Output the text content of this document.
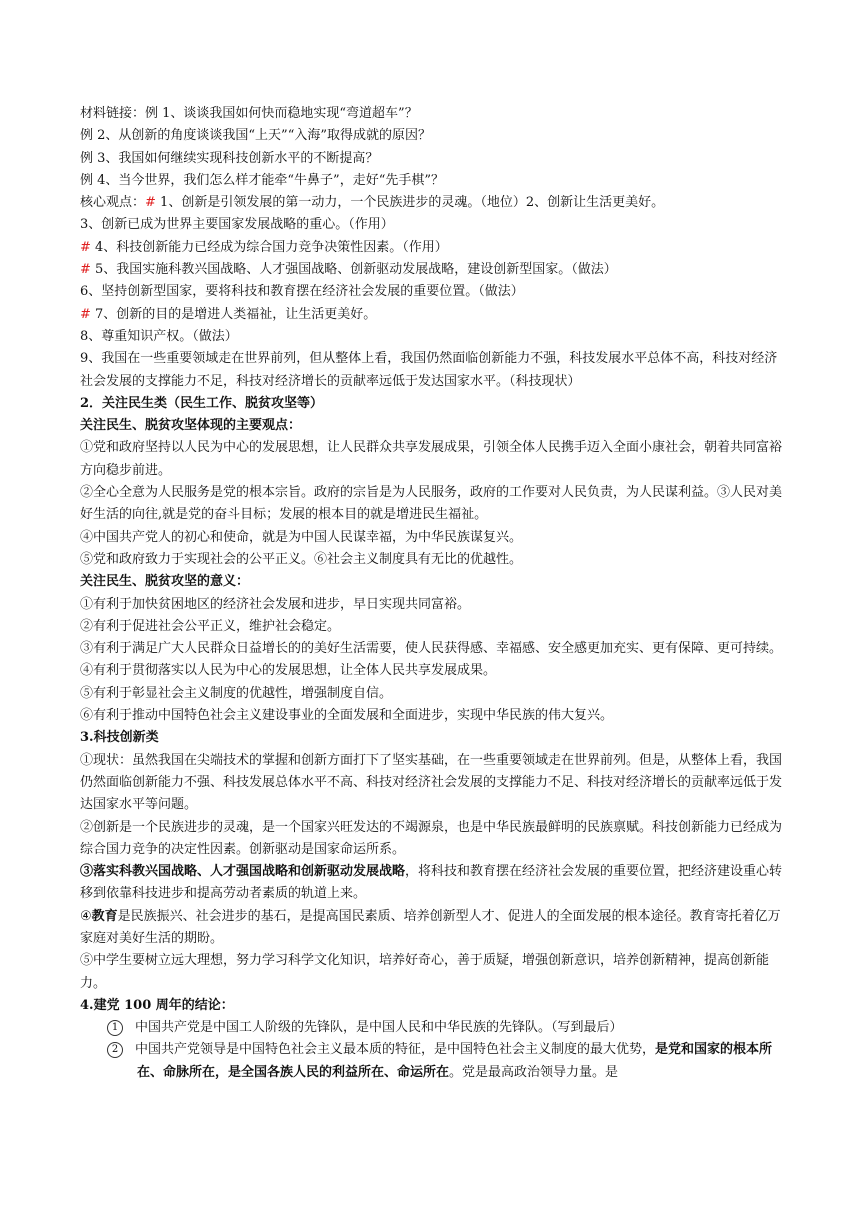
材料链接：例 1、谈谈我国如何快而稳地实现“弯道超车”？
例 2、从创新的角度谈谈我国“上天”“入海”取得成就的原因？
例 3、我国如何继续实现科技创新水平的不断提高？
例 4、当今世界，我们怎么样才能牵“牛鼻子”，走好“先手棋”？
核心观点：# 1、创新是引领发展的第一动力，一个民族进步的灵魂。（地位）2、创新让生活更美好。
3、创新已成为世界主要国家发展战略的重心。（作用）
# 4、科技创新能力已经成为综合国力竞争决策性因素。（作用）
# 5、我国实施科教兴国战略、人才强国战略、创新驱动发展战略，建设创新型国家。（做法）
6、坚持创新型国家，要将科技和教育摆在经济社会发展的重要位置。（做法）
# 7、创新的目的是增进人类福祉，让生活更美好。
8、尊重知识产权。（做法）
9、我国在一些重要领域走在世界前列，但从整体上看，我国仍然面临创新能力不强，科技发展水平总体不高，科技对经济社会发展的支撑能力不足，科技对经济增长的贡献率远低于发达国家水平。（科技现状）
2．关注民生类（民生工作、脱贫攻坚等）
关注民生、脱贫攻坚体现的主要观点：
①党和政府坚持以人民为中心的发展思想，让人民群众共享发展成果，引领全体人民携手迈入全面小康社会，朝着共同富裕方向稳步前进。
②全心全意为人民服务是党的根本宗旨。政府的宗旨是为人民服务，政府的工作要对人民负责，为人民谋利益。③人民对美好生活的向往,就是党的奋斗目标；发展的根本目的就是增进民生福祉。
④中国共产党人的初心和使命，就是为中国人民谋幸福，为中华民族谋复兴。
⑤党和政府致力于实现社会的公平正义。⑥社会主义制度具有无比的优越性。
关注民生、脱贫攻坚的意义：
①有利于加快贫困地区的经济社会发展和进步，早日实现共同富裕。
②有利于促进社会公平正义，维护社会稳定。
③有利于满足广大人民群众日益增长的的美好生活需要，使人民获得感、幸福感、安全感更加充实、更有保障、更可持续。④有利于贯彻落实以人民为中心的发展思想，让全体人民共享发展成果。
⑤有利于彰显社会主义制度的优越性，增强制度自信。
⑥有利于推动中国特色社会主义建设事业的全面发展和全面进步，实现中华民族的伟大复兴。
3.科技创新类
①现状：虽然我国在尖端技术的掌握和创新方面打下了坚实基础，在一些重要领域走在世界前列。但是，从整体上看，我国仍然面临创新能力不强、科技发展总体水平不高、科技对经济社会发展的支撑能力不足、科技对经济增长的贡献率远低于发达国家水平等问题。
②创新是一个民族进步的灵魂，是一个国家兴旺发达的不竭源泉，也是中华民族最鲜明的民族禀赋。科技创新能力已经成为综合国力竞争的决定性因素。创新驱动是国家命运所系。
③落实科教兴国战略、人才强国战略和创新驱动发展战略，将科技和教育摆在经济社会发展的重要位置，把经济建设重心转移到依靠科技进步和提高劳动者素质的轨道上来。
④教育是民族振兴、社会进步的基石，是提高国民素质、培养创新型人才、促进人的全面发展的根本途径。教育寄托着亿万家庭对美好生活的期盼。
⑤中学生要树立远大理想，努力学习科学文化知识，培养好奇心，善于质疑，增强创新意识，培养创新精神，提高创新能力。
4.建党 100 周年的结论：
1 中国共产党是中国工人阶级的先锋队，是中国人民和中华民族的先锋队。（写到最后）
2 中国共产党领导是中国特色社会主义最本质的特征，是中国特色社会主义制度的最大优势，是党和国家的根本所在、命脉所在，是全国各族人民的利益所在、命运所在。党是最高政治领导力量。是
